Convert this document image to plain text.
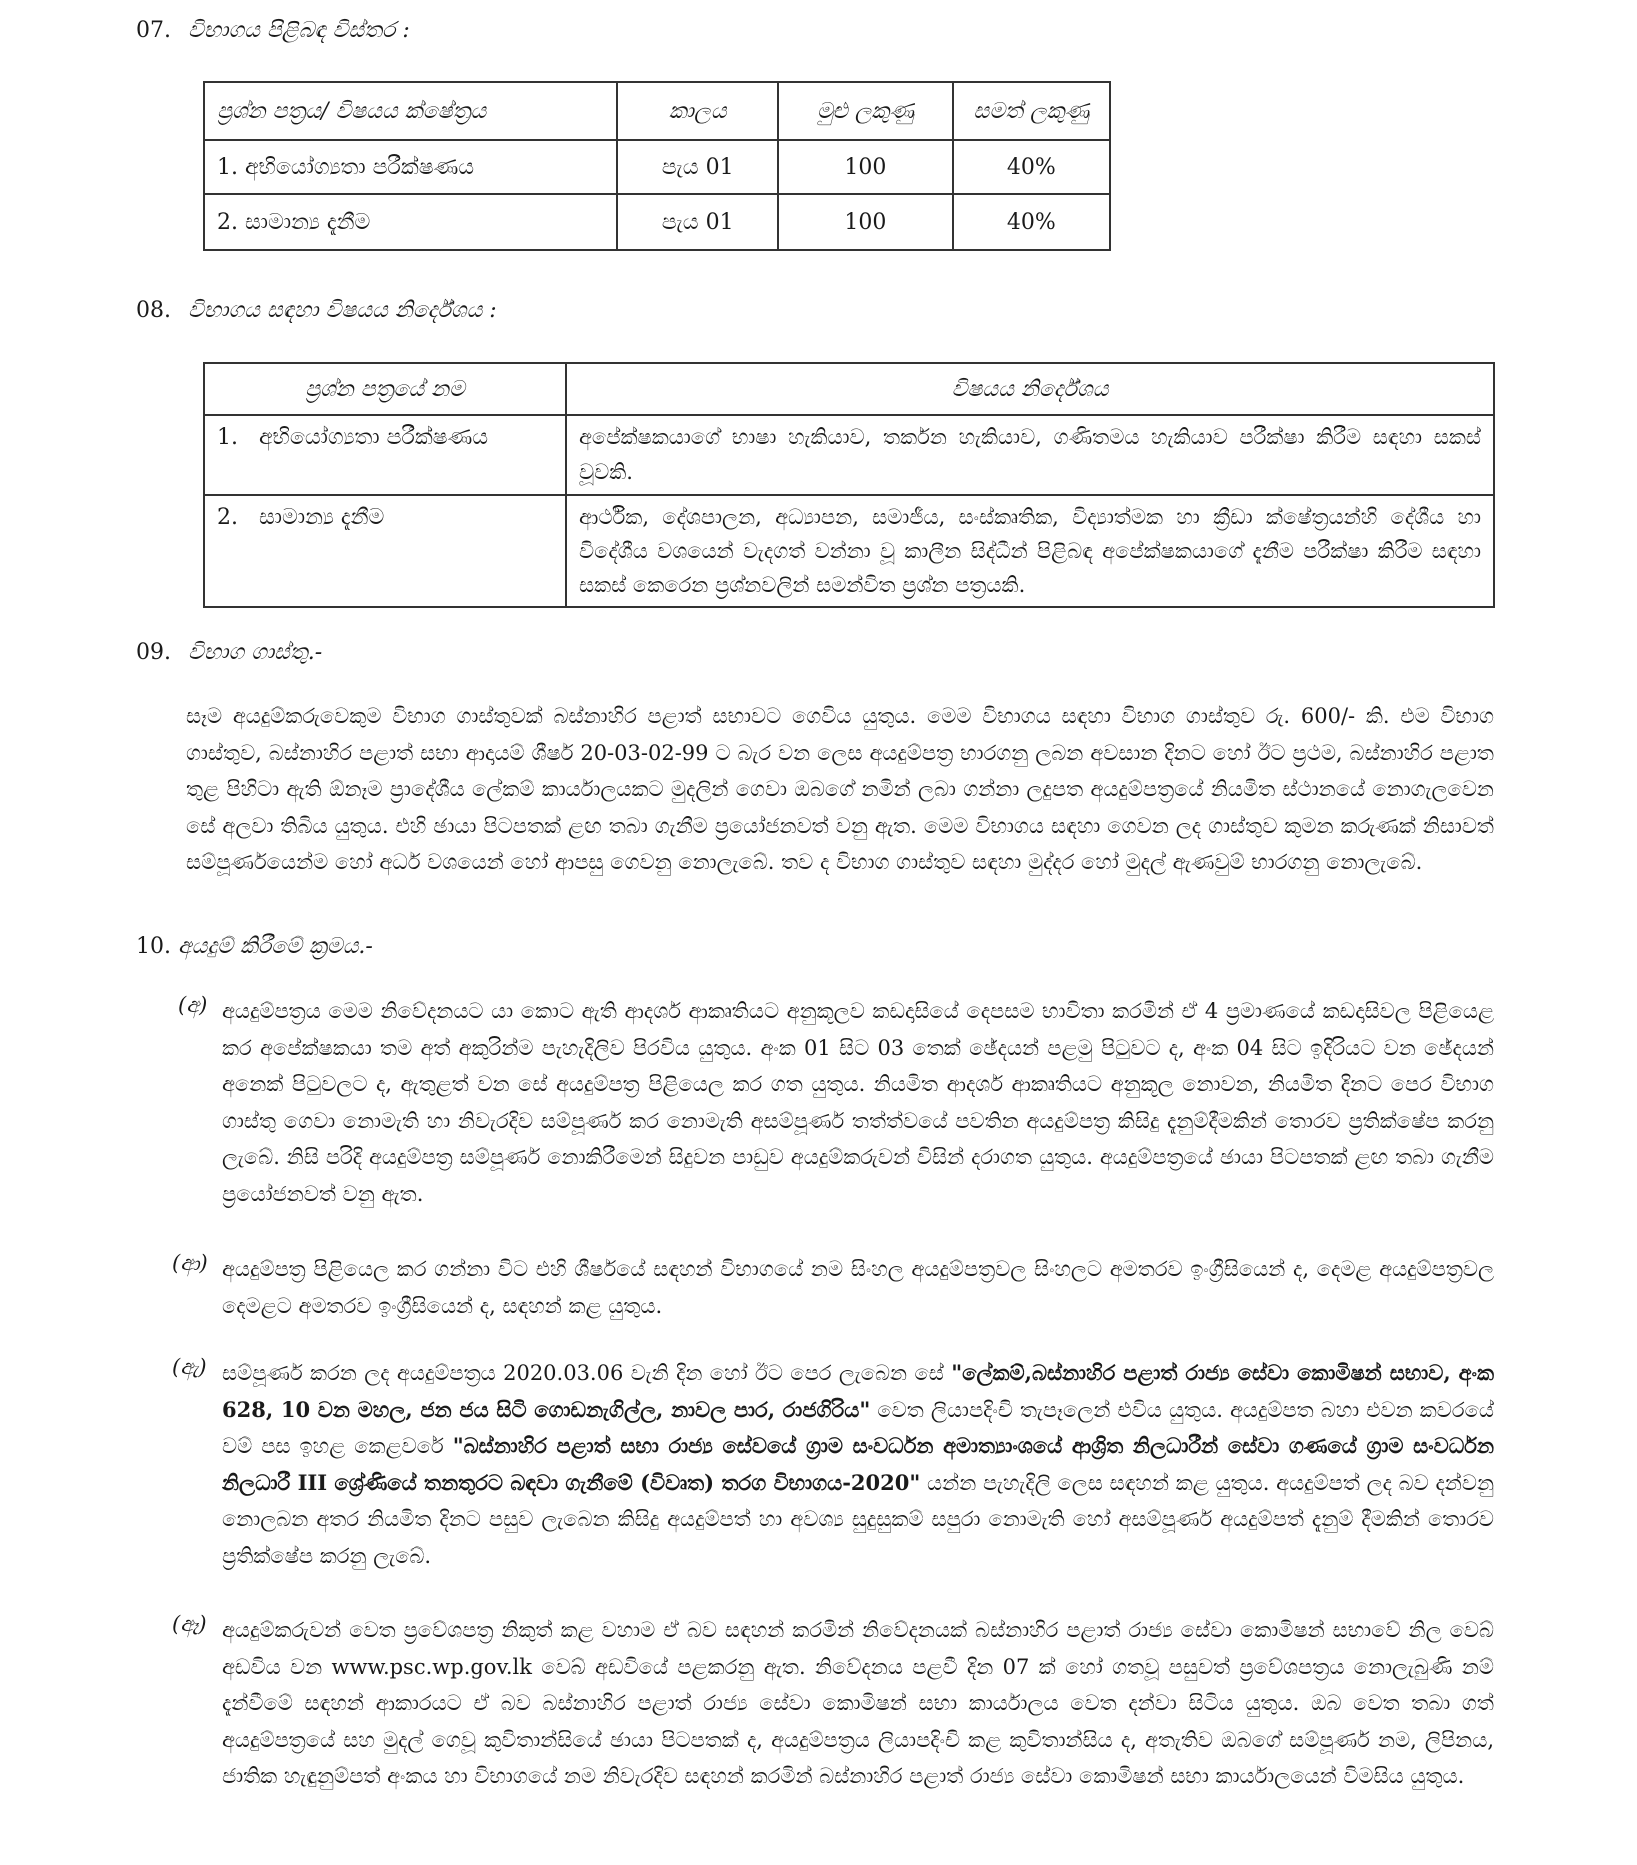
07. විභාගය පිළිබඳ විස්තර :
ප්‍රශ්න පත්‍රය/ විෂයය ක්ෂේත්‍රය	කාලය	මුළු ලකුණු	සමත් ලකුණු
1. අභියෝග්‍යතා පරීක්ෂණය	පැය 01	100	40%
2. සාමාන්‍ය දැනීම	පැය 01	100	40%
08. විභාගය සඳහා විෂයය නිර්දේශය :
ප්‍රශ්න පත්‍රයේ නම	විෂයය නිර්දේශය
1.   අභියෝග්‍යතා පරීක්ෂණය	අපේක්ෂකයාගේ භාෂා හැකියාව, තර්කන හැකියාව, ගණිතමය හැකියාව පරීක්ෂා කිරීම සඳහා සකස් වූවකි.
2.   සාමාන්‍ය දැනීම	ආර්ථික, දේශපාලන, අධ්‍යාපන, සමාජීය, සංස්කෘතික, විද්‍යාත්මක හා ක්‍රීඩා ක්ෂේත්‍රයන්හි දේශීය හා විදේශීය වශයෙන් වැදගත් වන්නා වූ කාලීන සිද්ධීන් පිළිබඳ අපේක්ෂකයාගේ දැනීම පරීක්ෂා කිරීම සඳහා සකස් කෙරෙන ප්‍රශ්නවලින් සමන්විත ප්‍රශ්න පත්‍රයකි.
09. විභාග ගාස්තු.-
සෑම අයදුම්කරුවෙකුම විභාග ගාස්තුවක් බස්නාහිර පළාත් සභාවට ගෙවිය යුතුය. මෙම විභාගය සඳහා විභාග ගාස්තුව රු. 600/- කි. එම විභාග ගාස්තුව, බස්නාහිර පළාත් සභා ආදායම් ශීර්ෂ 20-03-02-99 ට බැර වන ලෙස අයදුම්පත්‍ර භාරගනු ලබන අවසාන දිනට හෝ ඊට ප්‍රථම, බස්නාහිර පළාත තුළ පිහිටා ඇති ඕනෑම ප්‍රාදේශීය ලේකම් කාර්යාලයකට මුදලින් ගෙවා ඔබගේ නමින් ලබා ගන්නා ලදුපත අයදුම්පත්‍රයේ නියමිත ස්ථානයේ නොගැලවෙන සේ අලවා තිබිය යුතුය. එහි ඡායා පිටපතක් ළඟ තබා ගැනීම ප්‍රයෝජනවත් වනු ඇත. මෙම විභාගය සඳහා ගෙවන ලද ගාස්තුව කුමන කරුණක් නිසාවත් සම්පූර්ණයෙන්ම හෝ අර්ධ වශයෙන් හෝ ආපසු ගෙවනු නොලැබේ. තව ද විභාග ගාස්තුව සඳහා මුද්දර හෝ මුදල් ඇණවුම් භාරගනු නොලැබේ.
10. අයදුම් කිරීමේ ක්‍රමය.-
(අ) අයදුම්පත්‍රය මෙම නිවේදනයට යා කොට ඇති ආදර්ශ ආකෘතියට අනුකූලව කඩදාසියේ දෙපසම භාවිතා කරමින් ඒ 4 ප්‍රමාණයේ කඩදාසිවල පිළියෙළ කර අපේක්ෂකයා තම අත් අකුරින්ම පැහැදිලිව පිරවිය යුතුය. අංක 01 සිට 03 තෙක් ඡේදයන් පළමු පිටුවට ද, අංක 04 සිට ඉදිරියට වන ඡේදයන් අනෙක් පිටුවලට ද, ඇතුළත් වන සේ අයදුම්පත්‍ර පිළියෙල කර ගත යුතුය. නියමිත ආදර්ශ ආකෘතියට අනුකූල නොවන, නියමිත දිනට පෙර විභාග ගාස්තු ගෙවා නොමැති හා නිවැරදිව සම්පූර්ණ කර නොමැති අසම්පූර්ණ තත්ත්වයේ පවතින අයදුම්පත්‍ර කිසිදු දැනුම්දීමකින් තොරව ප්‍රතික්ෂේප කරනු ලැබේ. නිසි පරිදි අයදුම්පත්‍ර සම්පූර්ණ නොකිරීමෙන් සිදුවන පාඩුව අයදුම්කරුවන් විසින් දරාගත යුතුය. අයදුම්පත්‍රයේ ඡායා පිටපතක් ළඟ තබා ගැනීම ප්‍රයෝජනවත් වනු ඇත.
(ආ) අයදුම්පත්‍ර පිළියෙල කර ගන්නා විට එහි ශීර්ෂයේ සඳහන් විභාගයේ නම සිංහල අයදුම්පත්‍රවල සිංහලට අමතරව ඉංග්‍රීසියෙන් ද, දෙමළ අයදුම්පත්‍රවල දෙමළට අමතරව ඉංග්‍රීසියෙන් ද, සඳහන් කළ යුතුය.
(ඇ) සම්පූර්ණ කරන ලද අයදුම්පත්‍රය 2020.03.06 වැනි දින හෝ ඊට පෙර ලැබෙන සේ "ලේකම්,බස්නාහිර පළාත් රාජ්‍ය සේවා කොමිෂන් සභාව, අංක 628, 10 වන මහල, ජන ජය සිටි ගොඩනැගිල්ල, නාවල පාර, රාජගිරිය" වෙත ලියාපදිංචි තැපෑලෙන් එවිය යුතුය. අයදුම්පත බහා එවන කවරයේ වම් පස ඉහළ කෙළවරේ "බස්නාහිර පළාත් සභා රාජ්‍ය සේවයේ ග්‍රාම සංවර්ධන අමාත්‍යාංශයේ ආශ්‍රිත නිලධාරීන් සේවා ගණයේ ග්‍රාම සංවර්ධන නිලධාරී III ශ්‍රේණියේ තනතුරට බඳවා ගැනීමේ (විවෘත) තරග විභාගය-2020" යන්න පැහැදිලි ලෙස සඳහන් කළ යුතුය. අයදුම්පත් ලද බව දන්වනු නොලබන අතර නියමිත දිනට පසුව ලැබෙන කිසිදු අයදුම්පත් හා අවශ්‍ය සුදුසුකම් සපුරා නොමැති හෝ අසම්පූර්ණ අයදුම්පත් දැනුම් දීමකින් තොරව ප්‍රතික්ෂේප කරනු ලැබේ.
(ඈ) අයදුම්කරුවන් වෙත ප්‍රවේශපත්‍ර නිකුත් කළ වහාම ඒ බව සඳහන් කරමින් නිවේදනයක් බස්නාහිර පළාත් රාජ්‍ය සේවා කොමිෂන් සභාවේ නිල වෙබ් අඩවිය වන www.psc.wp.gov.lk වෙබ් අඩවියේ පළකරනු ඇත. නිවේදනය පළවී දින 07 ක් හෝ ගතවූ පසුවත් ප්‍රවේශපත්‍රය නොලැබුණි නම් දැන්වීමේ සඳහන් ආකාරයට ඒ බව බස්නාහිර පළාත් රාජ්‍ය සේවා කොමිෂන් සභා කාර්යාලය වෙත දන්වා සිටිය යුතුය. ඔබ වෙත තබා ගත් අයදුම්පත්‍රයේ සහ මුදල් ගෙවූ කුවිතාන්සියේ ඡායා පිටපතක් ද, අයදුම්පත්‍රය ලියාපදිංචි කළ කුවිතාන්සිය ද, අතැතිව ඔබගේ සම්පූර්ණ නම, ලිපිනය, ජාතික හැඳුනුම්පත් අංකය හා විභාගයේ නම නිවැරදිව සඳහන් කරමින් බස්නාහිර පළාත් රාජ්‍ය සේවා කොමිෂන් සභා කාර්යාලයෙන් විමසිය යුතුය.
